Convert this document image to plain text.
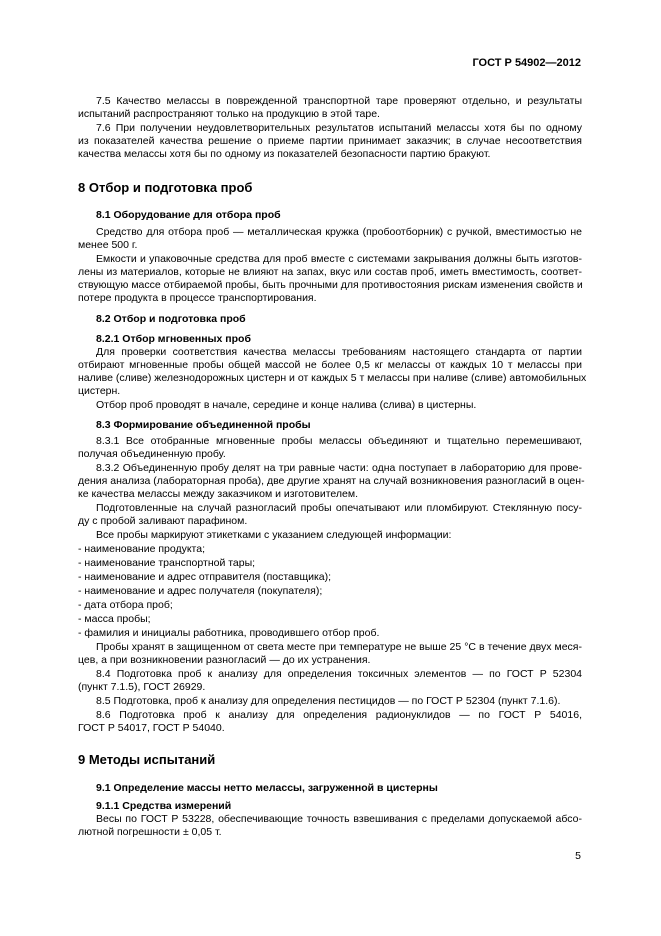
ГОСТ Р 54902—2012
7.5 Качество мелассы в поврежденной транспортной таре проверяют отдельно, и результаты
испытаний распространяют только на продукцию в этой таре.
7.6 При получении неудовлетворительных результатов испытаний мелассы хотя бы по одному
из показателей качества решение о приеме партии принимает заказчик; в случае несоответствия
качества мелассы хотя бы по одному из показателей безопасности партию бракуют.
8 Отбор и подготовка проб
8.1 Оборудование для отбора проб
Средство для отбора проб — металлическая кружка (пробоотборник) с ручкой, вместимостью не
менее 500 г.
Емкости и упаковочные средства для проб вместе с системами закрывания должны быть изготов-
лены из материалов, которые не влияют на запах, вкус или состав проб, иметь вместимость, соответ-
ствующую массе отбираемой пробы, быть прочными для противостояния рискам изменения свойств и
потере продукта в процессе транспортирования.
8.2 Отбор и подготовка проб
8.2.1 Отбор мгновенных проб
Для проверки соответствия качества мелассы требованиям настоящего стандарта от партии
отбирают мгновенные пробы общей массой не более 0,5 кг мелассы от каждых 10 т мелассы при
наливе (сливе) железнодорожных цистерн и от каждых 5 т мелассы при наливе (сливе) автомобильных
цистерн.
Отбор проб проводят в начале, середине и конце налива (слива) в цистерны.
8.3 Формирование объединенной пробы
8.3.1 Все отобранные мгновенные пробы мелассы объединяют и тщательно перемешивают,
получая объединенную пробу.
8.3.2 Объединенную пробу делят на три равные части: одна поступает в лабораторию для прове-
дения анализа (лабораторная проба), две другие хранят на случай возникновения разногласий в оцен-
ке качества мелассы между заказчиком и изготовителем.
Подготовленные на случай разногласий пробы опечатывают или пломбируют. Стеклянную посу-
ду с пробой заливают парафином.
Все пробы маркируют этикетками с указанием следующей информации:
- наименование продукта;
- наименование транспортной тары;
- наименование и адрес отправителя (поставщика);
- наименование и адрес получателя (покупателя);
- дата отбора проб;
- масса пробы;
- фамилия и инициалы работника, проводившего отбор проб.
Пробы хранят в защищенном от света месте при температуре не выше 25 °С в течение двух меся-
цев, а при возникновении разногласий — до их устранения.
8.4 Подготовка проб к анализу для определения токсичных элементов — по ГОСТ Р 52304
(пункт 7.1.5), ГОСТ 26929.
8.5 Подготовка, проб к анализу для определения пестицидов — по ГОСТ Р 52304 (пункт 7.1.6).
8.6 Подготовка проб к анализу для определения радионуклидов — по ГОСТ Р 54016,
ГОСТ Р 54017, ГОСТ Р 54040.
9 Методы испытаний
9.1 Определение массы нетто мелассы, загруженной в цистерны
9.1.1 Средства измерений
Весы по ГОСТ Р 53228, обеспечивающие точность взвешивания с пределами допускаемой абсо-
лютной погрешности ± 0,05 т.
5
